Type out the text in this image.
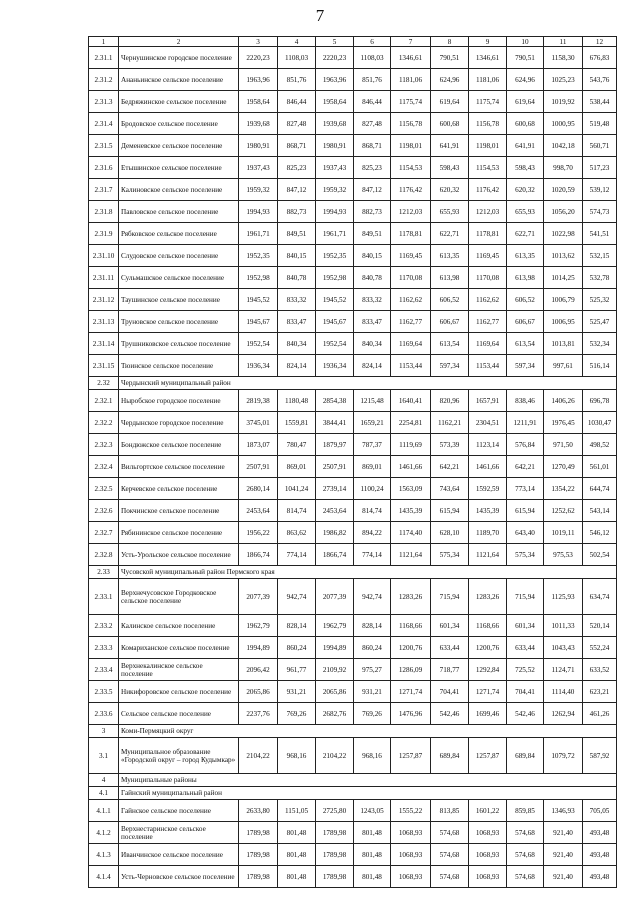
7
1	2	3	4	5	6	7	8	9	10	11	12
2.31.1	Чернушинское городское поселение	2220,23	1108,03	2220,23	1108,03	1346,61	790,51	1346,61	790,51	1158,30	676,83
2.31.2	Ананьинское сельское поселение	1963,96	851,76	1963,96	851,76	1181,06	624,96	1181,06	624,96	1025,23	543,76
2.31.3	Бедряжинское сельское поселение	1958,64	846,44	1958,64	846,44	1175,74	619,64	1175,74	619,64	1019,92	538,44
2.31.4	Бродовское сельское поселение	1939,68	827,48	1939,68	827,48	1156,78	600,68	1156,78	600,68	1000,95	519,48
2.31.5	Деменевское сельское поселение	1980,91	868,71	1980,91	868,71	1198,01	641,91	1198,01	641,91	1042,18	560,71
2.31.6	Етышинское сельское поселение	1937,43	825,23	1937,43	825,23	1154,53	598,43	1154,53	598,43	998,70	517,23
2.31.7	Калиновское сельское поселение	1959,32	847,12	1959,32	847,12	1176,42	620,32	1176,42	620,32	1020,59	539,12
2.31.8	Павловское сельское поселение	1994,93	882,73	1994,93	882,73	1212,03	655,93	1212,03	655,93	1056,20	574,73
2.31.9	Рябковское сельское поселение	1961,71	849,51	1961,71	849,51	1178,81	622,71	1178,81	622,71	1022,98	541,51
2.31.10	Слудовское сельское поселение	1952,35	840,15	1952,35	840,15	1169,45	613,35	1169,45	613,35	1013,62	532,15
2.31.11	Сульмашское сельское поселение	1952,98	840,78	1952,98	840,78	1170,08	613,98	1170,08	613,98	1014,25	532,78
2.31.12	Таушинское сельское поселение	1945,52	833,32	1945,52	833,32	1162,62	606,52	1162,62	606,52	1006,79	525,32
2.31.13	Труновское сельское поселение	1945,67	833,47	1945,67	833,47	1162,77	606,67	1162,77	606,67	1006,95	525,47
2.31.14	Трушниковское сельское поселение	1952,54	840,34	1952,54	840,34	1169,64	613,54	1169,64	613,54	1013,81	532,34
2.31.15	Тюинское сельское поселение	1936,34	824,14	1936,34	824,14	1153,44	597,34	1153,44	597,34	997,61	516,14
2.32	Чердынский муниципальный район										
2.32.1	Ныробское городское поселение	2819,38	1180,48	2854,38	1215,48	1640,41	820,96	1657,91	838,46	1406,26	696,78
2.32.2	Чердынское городское поселение	3745,01	1559,81	3844,41	1659,21	2254,81	1162,21	2304,51	1211,91	1976,45	1030,47
2.32.3	Бондюжское сельское поселение	1873,07	780,47	1879,97	787,37	1119,69	573,39	1123,14	576,84	971,50	498,52
2.32.4	Вильгортское сельское поселение	2507,91	869,01	2507,91	869,01	1461,66	642,21	1461,66	642,21	1270,49	561,01
2.32.5	Керчевское сельское поселение	2680,14	1041,24	2739,14	1100,24	1563,09	743,64	1592,59	773,14	1354,22	644,74
2.32.6	Покчинское сельское поселение	2453,64	814,74	2453,64	814,74	1435,39	615,94	1435,39	615,94	1252,62	543,14
2.32.7	Рябининское сельское поселение	1956,22	863,62	1986,82	894,22	1174,40	628,10	1189,70	643,40	1019,11	546,12
2.32.8	Усть-Урольское сельское поселение	1866,74	774,14	1866,74	774,14	1121,64	575,34	1121,64	575,34	975,53	502,54
2.33	Чусовской муниципальный район Пермского края										
2.33.1	Верхнечусовское Городковское сельское поселение	2077,39	942,74	2077,39	942,74	1283,26	715,94	1283,26	715,94	1125,93	634,74
2.33.2	Калинское сельское поселение	1962,79	828,14	1962,79	828,14	1168,66	601,34	1168,66	601,34	1011,33	520,14
2.33.3	Комариханское сельское поселение	1994,89	860,24	1994,89	860,24	1200,76	633,44	1200,76	633,44	1043,43	552,24
2.33.4	Верхнекалинское сельское поселение	2096,42	961,77	2109,92	975,27	1286,09	718,77	1292,84	725,52	1124,71	633,52
2.33.5	Никифоровское сельское поселение	2065,86	931,21	2065,86	931,21	1271,74	704,41	1271,74	704,41	1114,40	623,21
2.33.6	Сельское сельское поселение	2237,76	769,26	2682,76	769,26	1476,96	542,46	1699,46	542,46	1262,94	461,26
3	Коми-Пермяцкий округ										
3.1	Муниципальное образование «Городской округ – город Кудымкар»	2104,22	968,16	2104,22	968,16	1257,87	689,84	1257,87	689,84	1079,72	587,92
4	Муниципальные районы										
4.1	Гайнский муниципальный район										
4.1.1	Гайнское сельское поселение	2633,80	1151,05	2725,80	1243,05	1555,22	813,85	1601,22	859,85	1346,93	705,05
4.1.2	Верхнестаринское сельское поселение	1789,98	801,48	1789,98	801,48	1068,93	574,68	1068,93	574,68	921,40	493,48
4.1.3	Иванчинское сельское поселение	1789,98	801,48	1789,98	801,48	1068,93	574,68	1068,93	574,68	921,40	493,48
4.1.4	Усть-Черновское сельское поселение	1789,98	801,48	1789,98	801,48	1068,93	574,68	1068,93	574,68	921,40	493,48
